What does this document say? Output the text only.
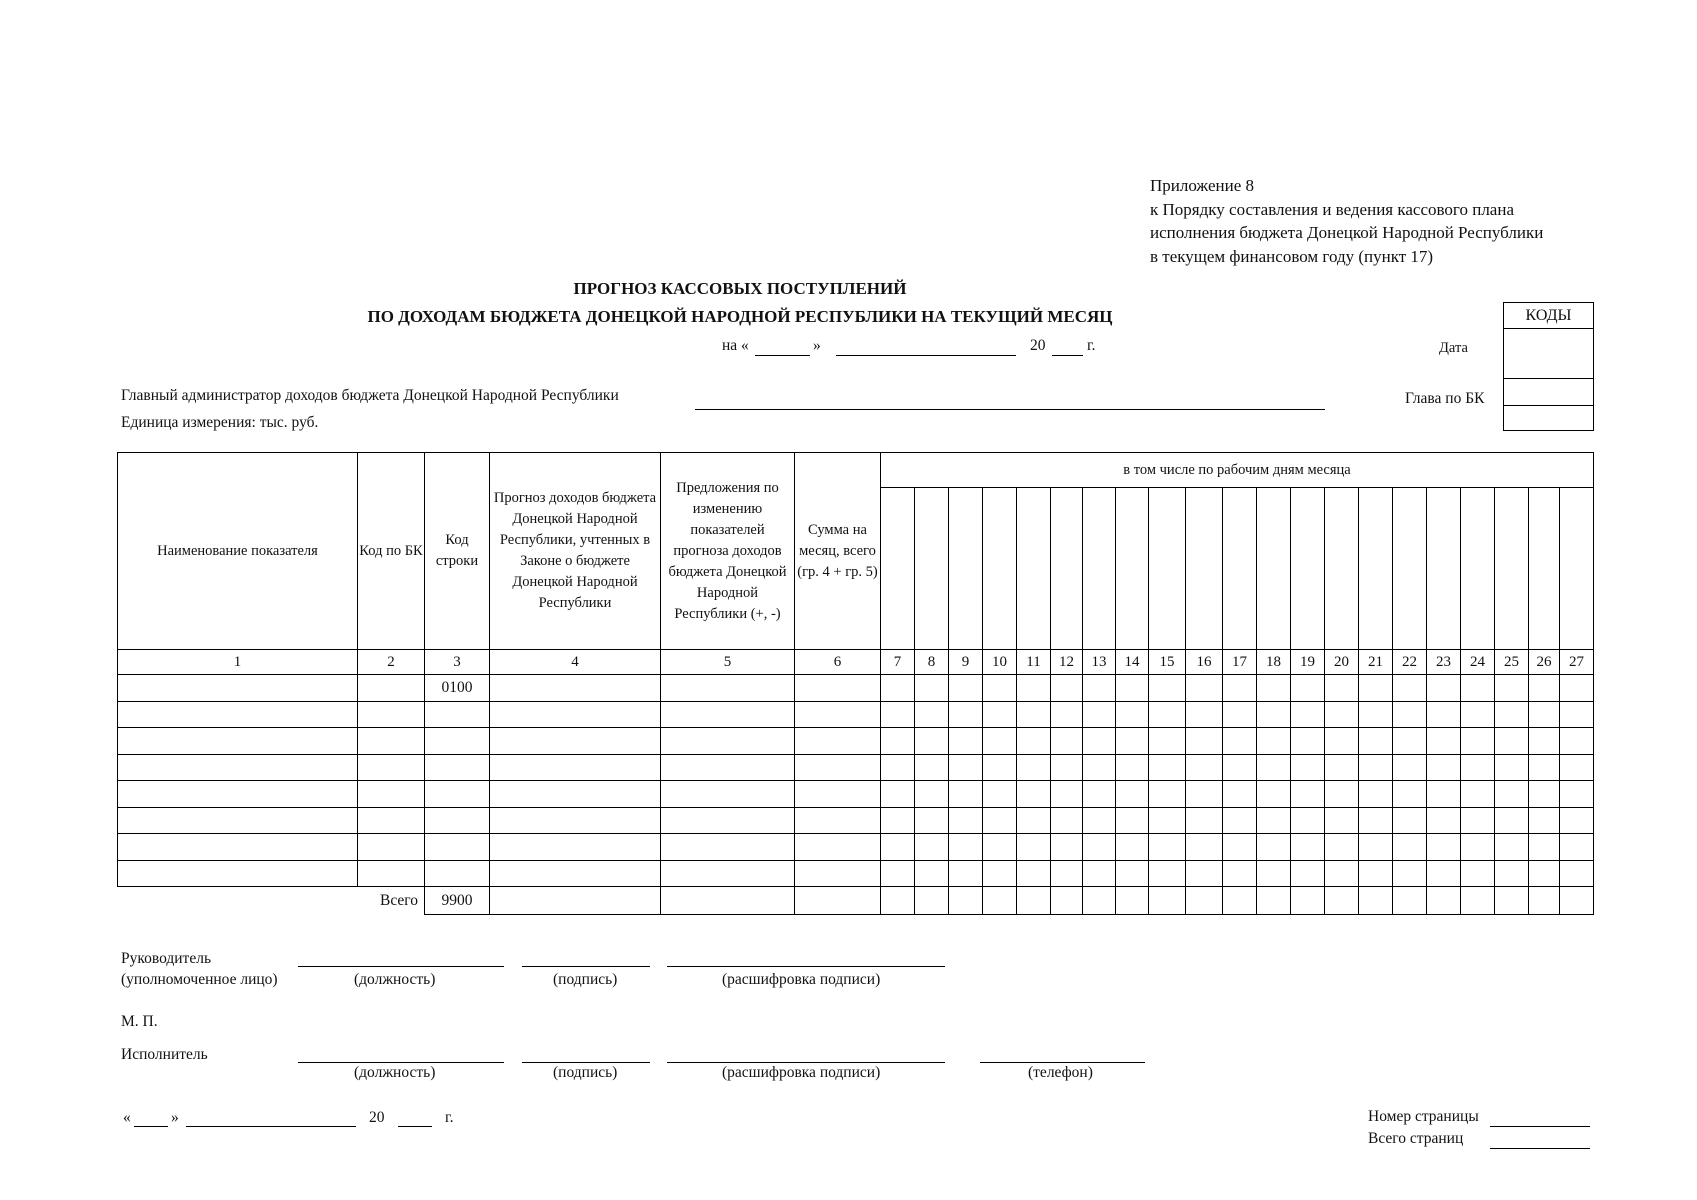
Приложение 8
к Порядку составления и ведения кассового плана
исполнения бюджета Донецкой Народной Республики
в текущем финансовом году (пункт 17)
ПРОГНОЗ КАССОВЫХ ПОСТУПЛЕНИЙ
ПО ДОХОДАМ БЮДЖЕТА ДОНЕЦКОЙ НАРОДНОЙ РЕСПУБЛИКИ НА ТЕКУЩИЙ МЕСЯЦ
на «	»	20	г.
КОДЫ
Дата
Глава по БК
Главный администратор доходов бюджета Донецкой Народной Республики
Единица измерения: тыс. руб.
Наименование показателя	Код по БК	Код строки	Прогноз доходов бюджета Донецкой Народной Республики, учтенных в Законе о бюджете Донецкой Народной Республики	Предложения по изменению показателей прогноза доходов бюджета Донецкой Народной Республики (+, -)	Сумма на месяц, всего (гр. 4 + гр. 5)	в том числе по рабочим дням месяца																				

1	2	3	4	5	6	7	8	9	10	11	12	13	14	15	16	17	18	19	20	21	22	23	24	25	26	27
		0100																								

Всего		9900																								
Руководитель
(уполномоченное лицо)	(должность)	(подпись)	(расшифровка подписи)
М. П.
Исполнитель
(должность)	(подпись)	(расшифровка подписи)	(телефон)
«	»	20	г.	Номер страницы
Всего страниц
